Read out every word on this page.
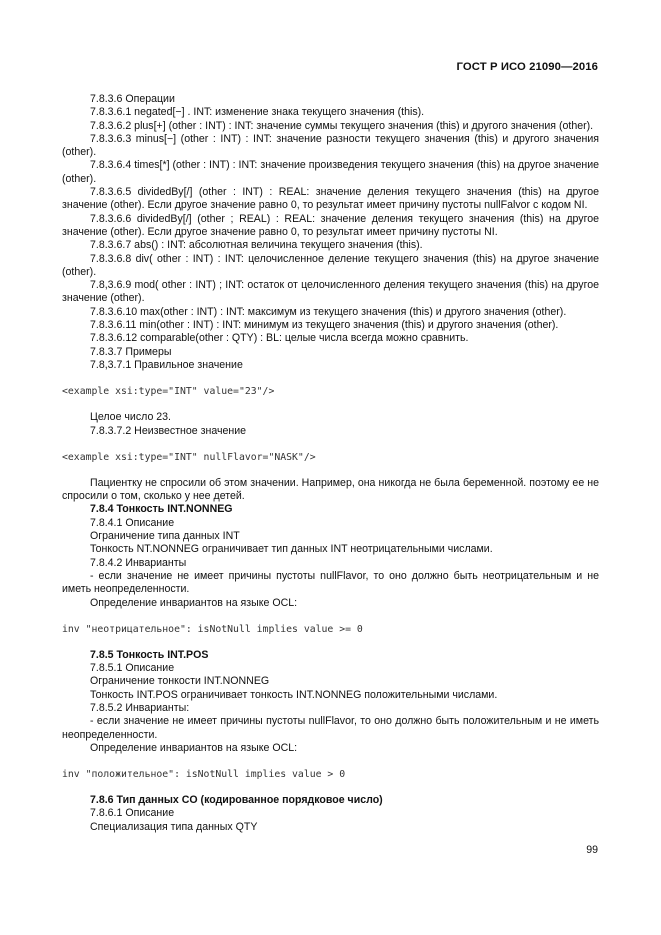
ГОСТ Р ИСО 21090—2016

7.8.3.6 Операции

7.8.3.6.1 negated[−] . INT: изменение знака текущего значения (this).

7.8.3.6.2 plus[+] (other : INT) : INT: значение суммы текущего значения (this) и другого значения (other).

7.8.3.6.3 minus[−] (other : INT) : INT: значение разности текущего значения (this) и другого значения (other).

7.8.3.6.4 times[*] (other : INT) : INT: значение произведения текущего значения (this) на другое значение (other).

7.8.3.6.5 dividedBy[/] (other : INT) : REAL: значение деления текущего значения (this) на другое значение (other). Если другое значение равно 0, то результат имеет причину пустоты nullFalvor с кодом NI.

7.8.3.6.6 dividedBy[/] (other ; REAL) : REAL: значение деления текущего значения (this) на другое значение (other). Если другое значение равно 0, то результат имеет причину пустоты NI.

7.8.3.6.7 abs() : INT: абсолютная величина текущего значения (this).

7.8.3.6.8 div( other : INT) : INT: целочисленное деление текущего значения (this) на другое значение (other).

7.8,3.6.9 mod( other : INT) ; INT: остаток от целочисленного деления текущего значения (this) на другое значение (other).

7.8.3.6.10 max(other : INT) : INT: максимум из текущего значения (this) и другого значения (other).

7.8.3.6.11 min(other : INT) : INT: минимум из текущего значения (this) и другого значения (other).

7.8.3.6.12 comparable(other : QTY) : BL: целые числа всегда можно сравнить.

7.8.3.7 Примеры

7.8,3.7.1 Правильное значение

<example xsi:type="INT" value="23"/>

Целое число 23.

7.8.3.7.2 Неизвестное значение

<example xsi:type="INT" nullFlavor="NASK"/>

Пациентку не спросили об этом значении. Например, она никогда не была беременной. поэтому ее не спросили о том, сколько у нее детей.

7.8.4 Тонкость INT.NONNEG

7.8.4.1 Описание

Ограничение типа данных INT

Тонкость NT.NONNEG ограничивает тип данных INT неотрицательными числами.

7.8.4.2 Инварианты

- если значение не имеет причины пустоты nullFlavor, то оно должно быть неотрицательным и не иметь неопределенности.

Определение инвариантов на языке OCL:

inv "неотрицательное": isNotNull implies value >= 0

7.8.5 Тонкость INT.POS

7.8.5.1 Описание

Ограничение тонкости INT.NONNEG

Тонкость INT.POS ограничивает тонкость INT.NONNEG положительными числами.

7.8.5.2 Инварианты:

- если значение не имеет причины пустоты nullFlavor, то оно должно быть положительным и не иметь неопределенности.

Определение инвариантов на языке OCL:

inv "положительное": isNotNull implies value > 0

7.8.6 Тип данных CO (кодированное порядковое число)

7.8.6.1 Описание

Специализация типа данных QTY

99
